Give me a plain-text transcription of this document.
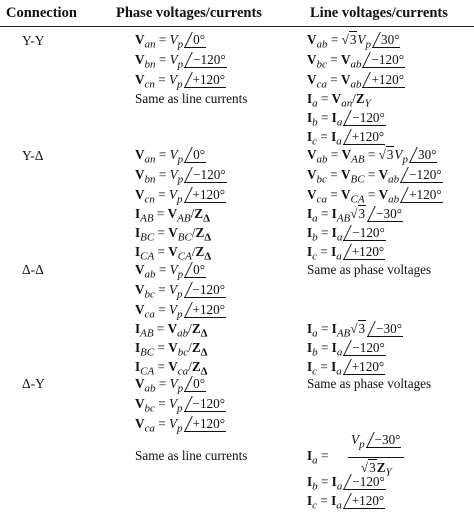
Connection	Phase voltages/currents	Line voltages/currents
Y-Y
Y-Δ
Δ-Δ
Δ-Y
$V_{an} = V_p$ 0°
$V_{bn} = V_p -120^\circ$
$V_{cn} = V_p +120^\circ$
Same as line currents
$V_{ab} = √3V_p$ 30°
$V_{bc} = V_{ab} -120^\circ$
$V_{ca} = V_{ab} +120^\circ$
$I_a = V_{an}/Z_Y$
$I_b = I_a -120^\circ$
$I_c = I_a +120^\circ$
$V_{an} = V_p$ 0°
$V_{bn} = V_p -120^\circ$
$V_{cn} = V_p +120^\circ$
$I_{AB} = V_{AB}/Z_\Delta$
$I_{BC} = V_{BC}/Z_\Delta$
$I_{CA} = V_{CA}/Z_\Delta$
$V_{ab} = V_{AB} = √3V_p$ 30°
$V_{bc} = V_{BC} = V_{ab} -120^\circ$
$V_{ca} = V_{CA} = V_{ab} +120^\circ$
$I_a = I_{AB}√3 -30^\circ$
$I_b = I_a -120^\circ$
$I_c = I_a +120^\circ$
$V_{ab} = V_p$ 0°
$V_{bc} = V_p -120^\circ$
$V_{ca} = V_p +120^\circ$
$I_{AB} = V_{ab}/Z_\Delta$
$I_{BC} = V_{bc}/Z_\Delta$
$I_{CA} = V_{ca}/Z_\Delta$
Same as phase voltages
$I_a = I_{AB}√3 -30^\circ$
$I_b = I_a -120^\circ$
$I_c = I_a +120^\circ$
$V_{ab} = V_p$ 0°
$V_{bc} = V_p -120^\circ$
$V_{ca} = V_p +120^\circ$
Same as line currents
Same as phase voltages
$I_a = \frac{V_p -30^\circ}{√3Z_Y}$
$I_b = I_a -120^\circ$
$I_c = I_a +120^\circ$
